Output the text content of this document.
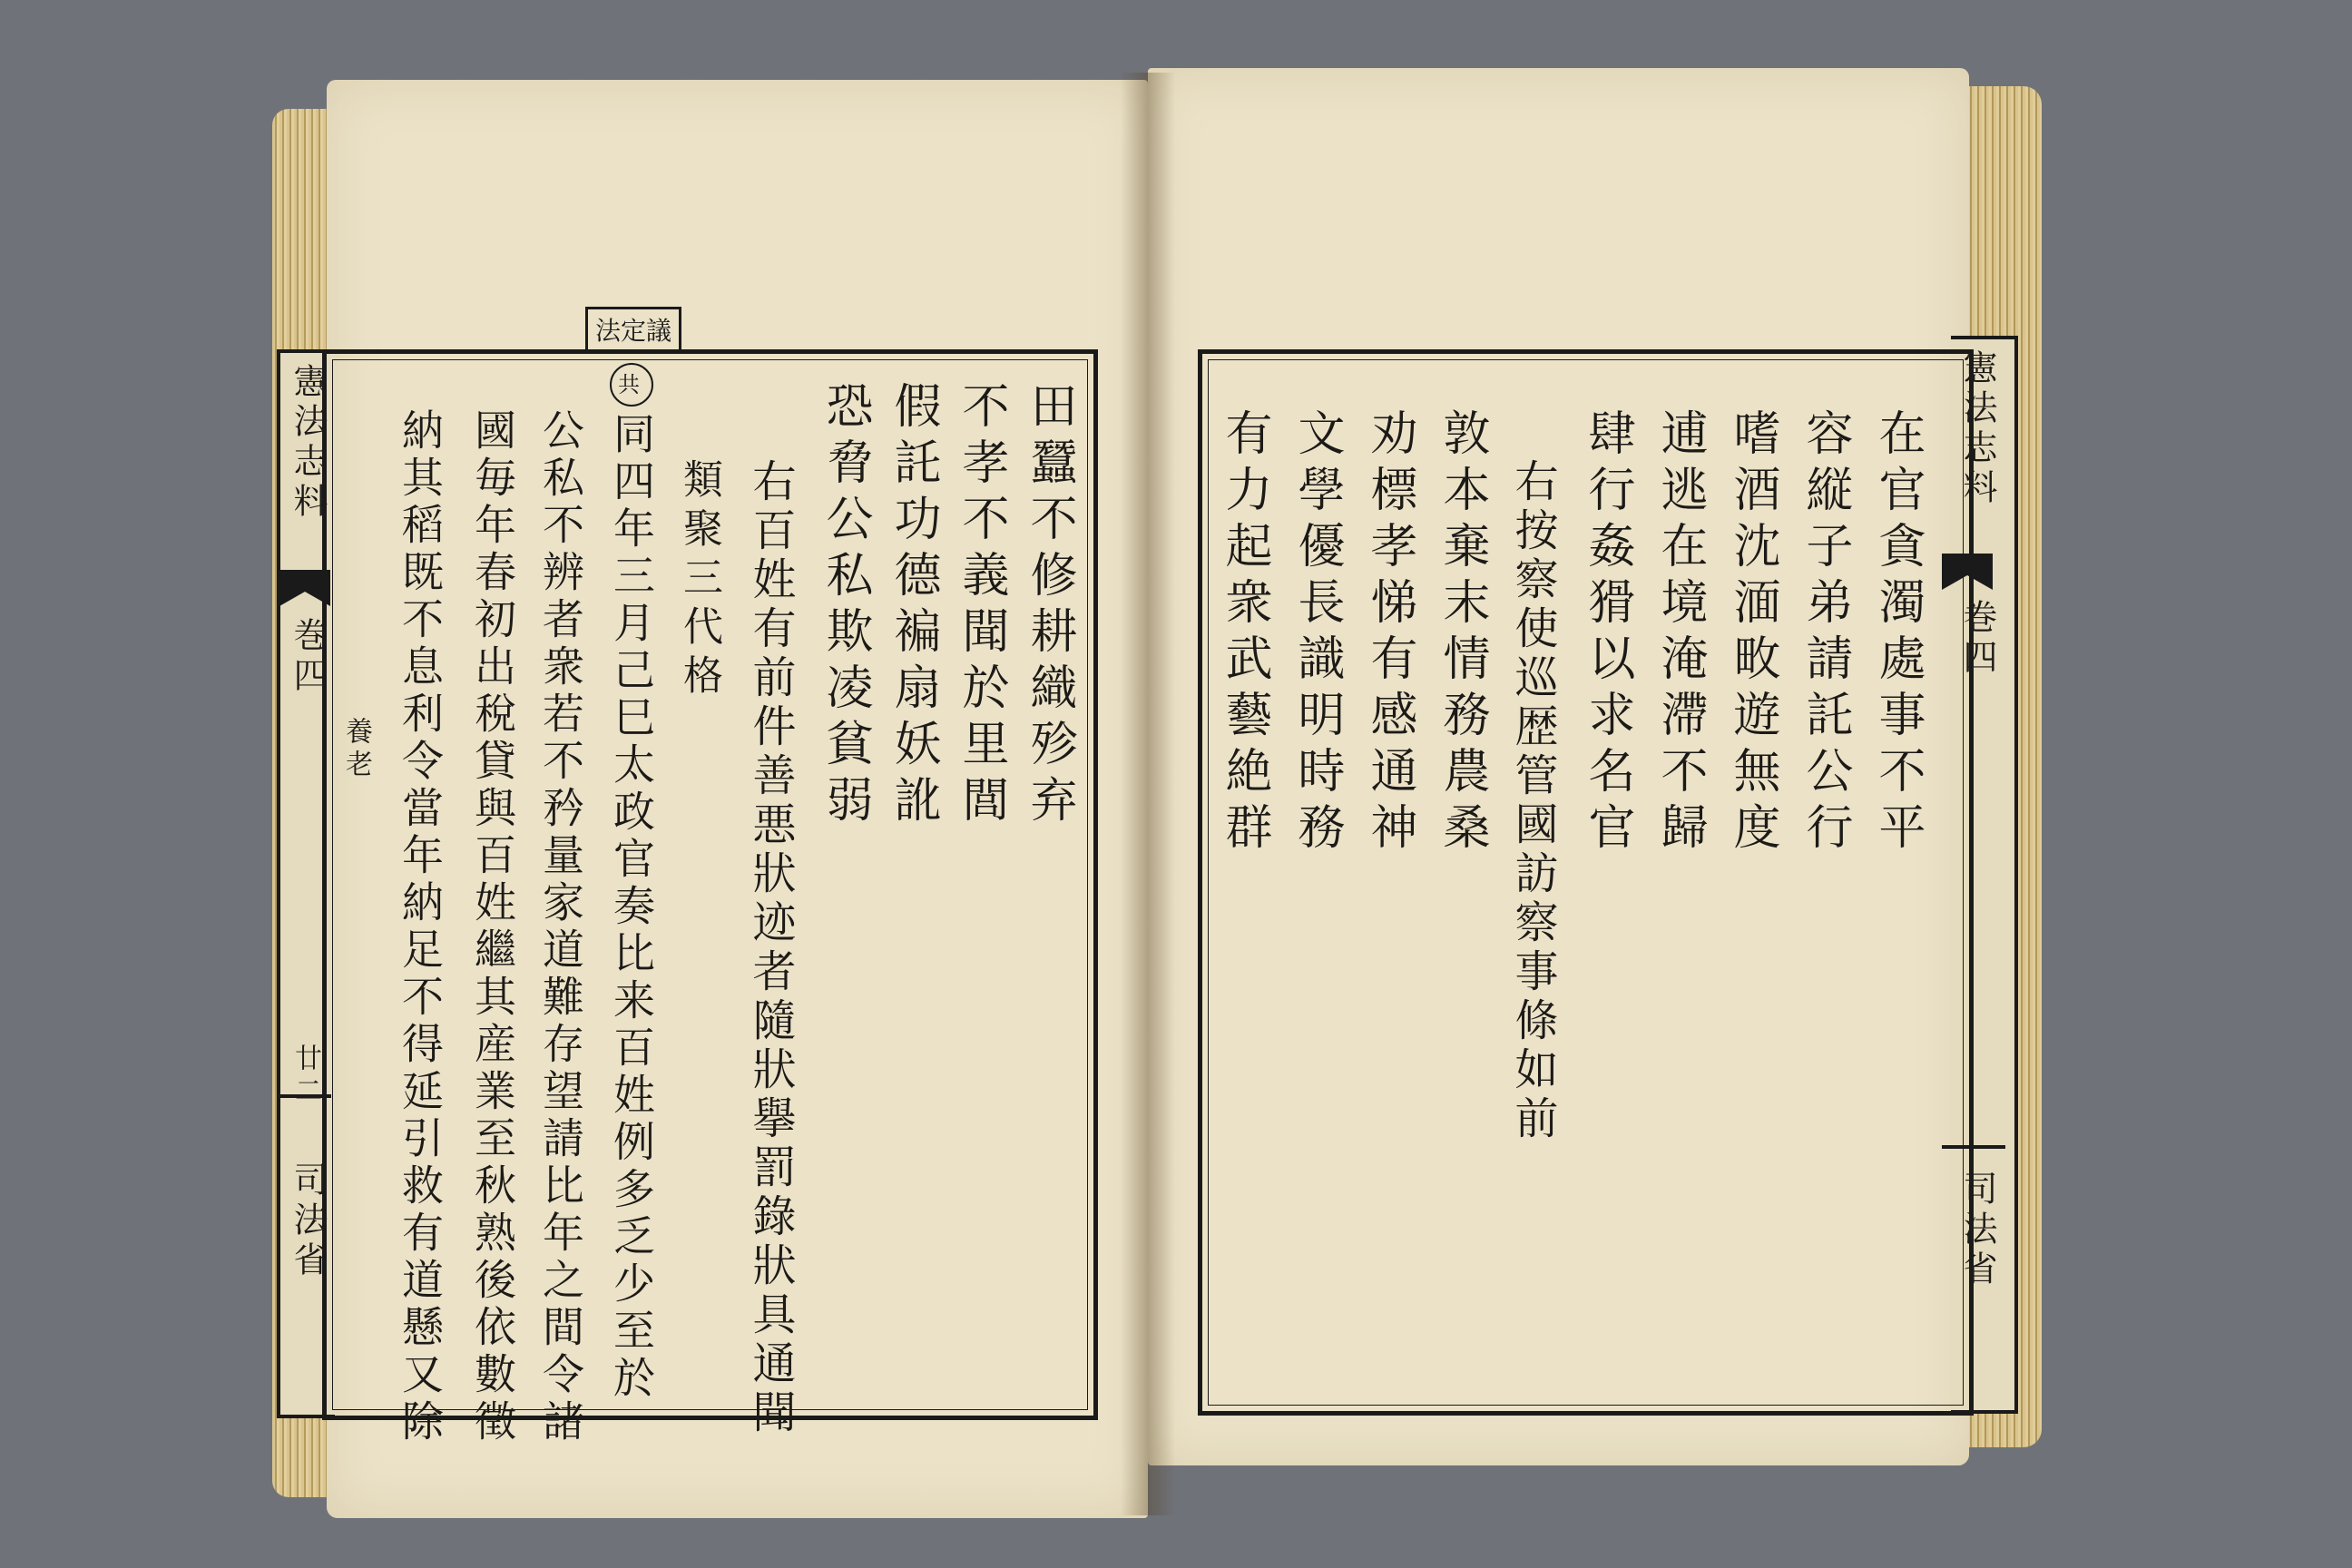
法定議
憲法志料
巻四
養老
廿二
司法省
憲法志料
巻四
司法省
田蠶不修耕織殄弃
不孝不義聞於里閭
假託功德褊扇妖訛
恐脅公私欺凌貧弱
右百姓有前件善悪狀迹者隨狀擧罰錄狀具通聞
類聚三代格
共同四年三月己巳太政官奏比来百姓例多乏少至於
公私不辨者衆若不矜量家道難存望請比年之間令諸
國毎年春初出稅貸與百姓繼其産業至秋熟後依數徵
納其稻既不息利令當年納足不得延引救有道懸又除	在官貪濁處事不平
容縦子弟請託公行
嗜酒沈湎畋遊無度
逋逃在境淹滯不歸
肆行姦猾以求名官
右按察使巡歴管國訪察事條如前
敦本棄末情務農桑
劝標孝悌有感通神
文學優長識明時務
有力起衆武藝絶群
